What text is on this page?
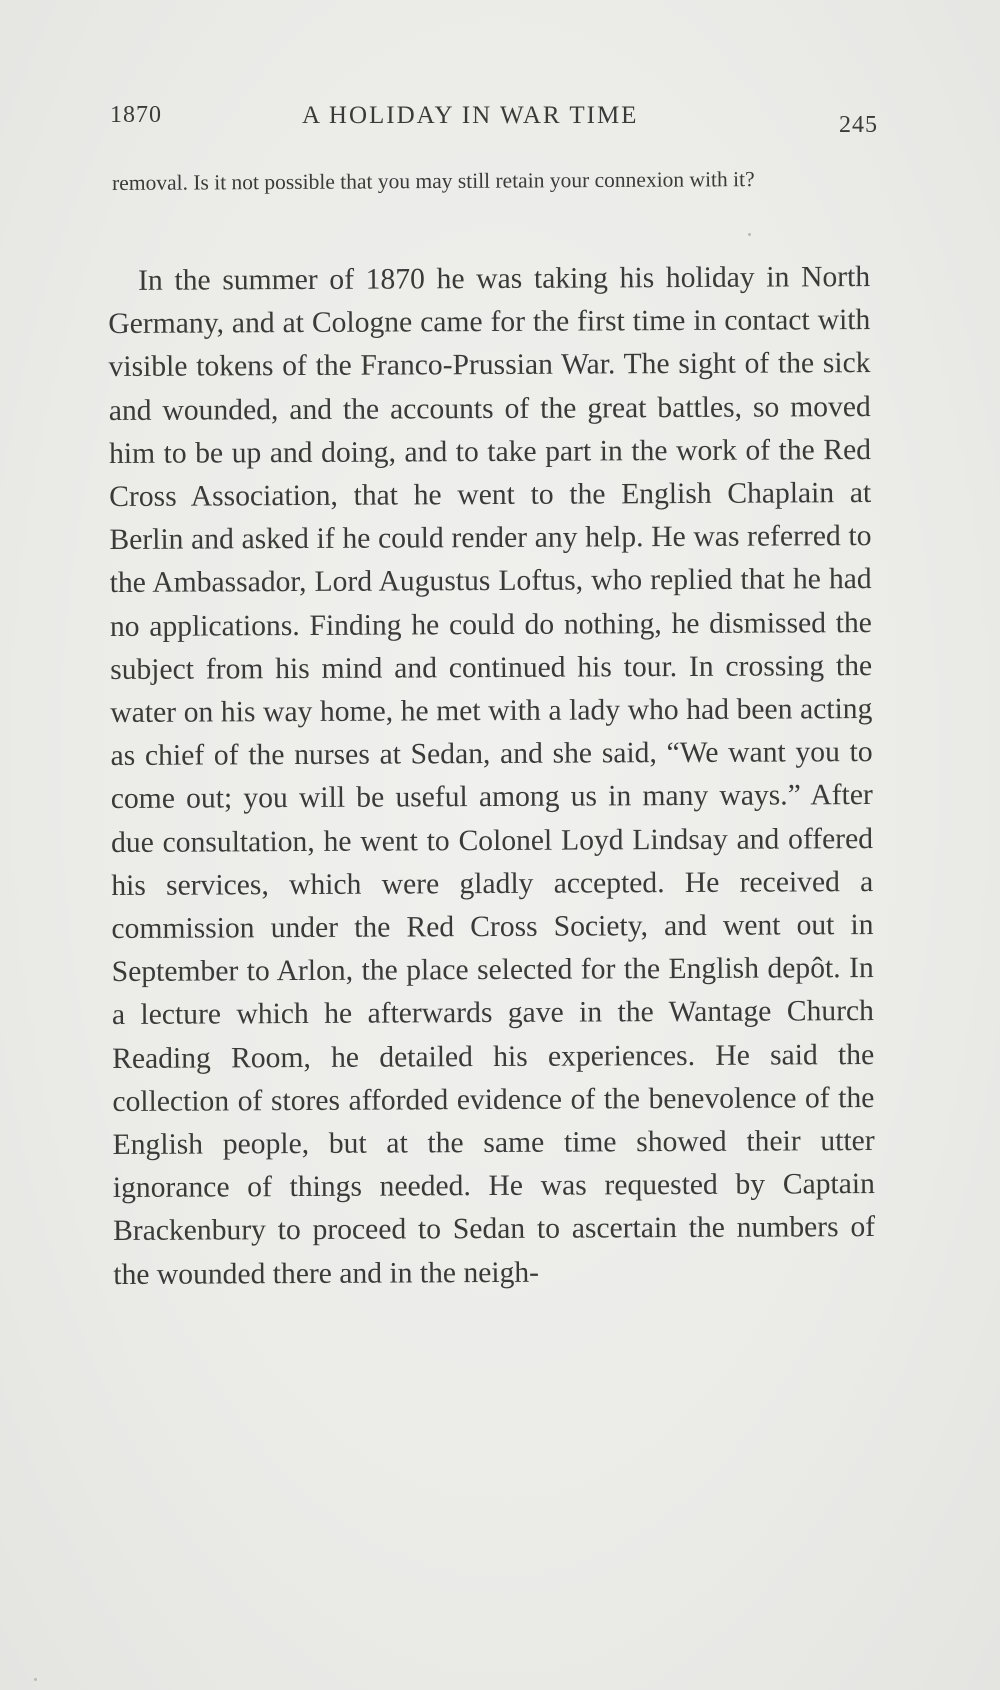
1870	A HOLIDAY IN WAR TIME	245

removal. Is it not possible that you may still retain your connexion with it?

In the summer of 1870 he was taking his holiday in North Germany, and at Cologne came for the first time in contact with visible tokens of the Franco-Prussian War. The sight of the sick and wounded, and the accounts of the great battles, so moved him to be up and doing, and to take part in the work of the Red Cross Association, that he went to the English Chaplain at Berlin and asked if he could render any help. He was referred to the Ambassador, Lord Augustus Loftus, who replied that he had no applications. Finding he could do nothing, he dismissed the subject from his mind and continued his tour. In crossing the water on his way home, he met with a lady who had been acting as chief of the nurses at Sedan, and she said, “We want you to come out; you will be useful among us in many ways.” After due consultation, he went to Colonel Loyd Lindsay and offered his services, which were gladly accepted. He received a commission under the Red Cross Society, and went out in September to Arlon, the place selected for the English depôt. In a lecture which he afterwards gave in the Wantage Church Reading Room, he detailed his experiences. He said the collection of stores afforded evidence of the benevolence of the English people, but at the same time showed their utter ignorance of things needed. He was requested by Captain Brackenbury to proceed to Sedan to ascertain the numbers of the wounded there and in the neigh-
